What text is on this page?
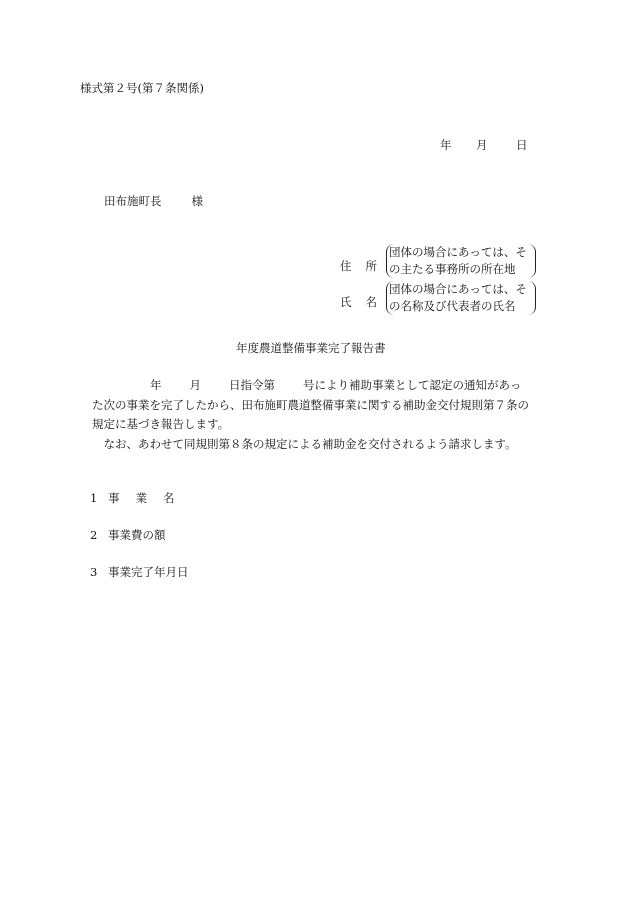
様式第２号(第７条関係)
年 月 日
田布施町長	様
住 所
団体の場合にあっては、その主たる事務所の所在地
氏 名
団体の場合にあっては、その名称及び代表者の氏名
年度農道整備事業完了報告書
年 月 日指令第 号により補助事業として認定の通知があった次の事業を完了したから、田布施町農道整備事業に関する補助金交付規則第７条の規定に基づき報告します。
なお、あわせて同規則第８条の規定による補助金を交付されるよう請求します。
1 事業名
2 事業費の額
3 事業完了年月日
